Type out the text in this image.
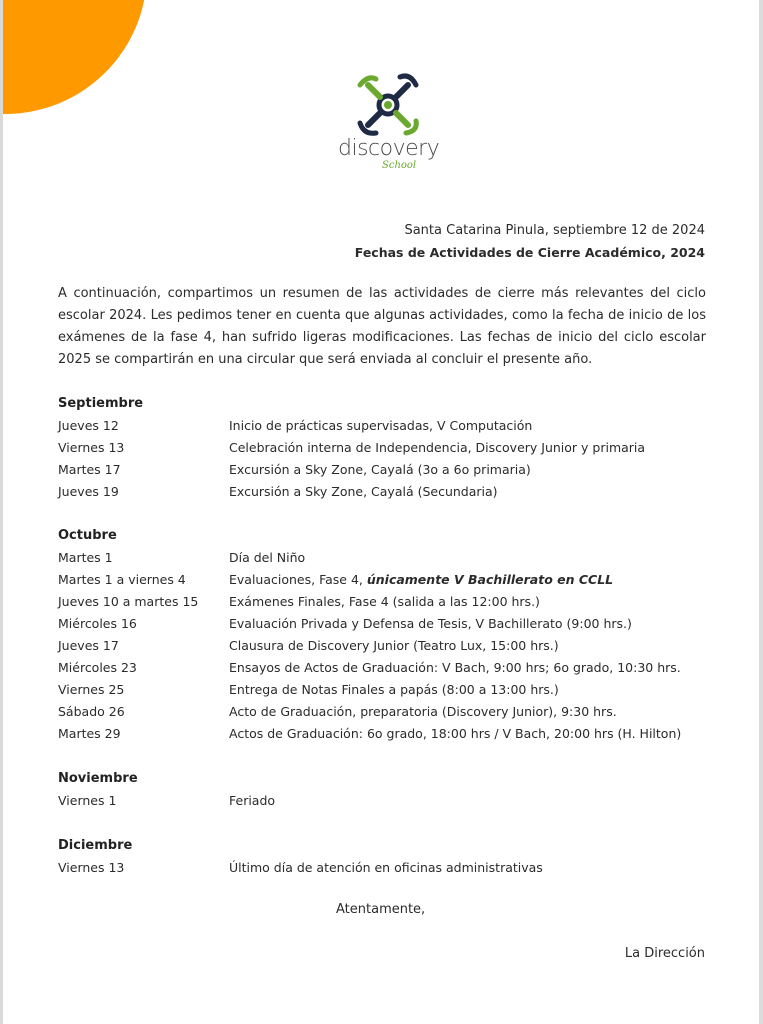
discovery
School
Santa Catarina Pinula, septiembre 12 de 2024
Fechas de Actividades de Cierre Académico, 2024
A continuación, compartimos un resumen de las actividades de cierre más relevantes del ciclo escolar 2024. Les pedimos tener en cuenta que algunas actividades, como la fecha de inicio de los exámenes de la fase 4, han sufrido ligeras modificaciones. Las fechas de inicio del ciclo escolar 2025 se compartirán en una circular que será enviada al concluir el presente año.
Septiembre
Jueves 12	Inicio de prácticas supervisadas, V Computación
Viernes 13	Celebración interna de Independencia, Discovery Junior y primaria
Martes 17	Excursión a Sky Zone, Cayalá (3o a 6o primaria)
Jueves 19	Excursión a Sky Zone, Cayalá (Secundaria)
Octubre
Martes 1	Día del Niño
Martes 1 a viernes 4	Evaluaciones, Fase 4, únicamente V Bachillerato en CCLL
Jueves 10 a martes 15	Exámenes Finales, Fase 4 (salida a las 12:00 hrs.)
Miércoles 16	Evaluación Privada y Defensa de Tesis, V Bachillerato (9:00 hrs.)
Jueves 17	Clausura de Discovery Junior (Teatro Lux, 15:00 hrs.)
Miércoles 23	Ensayos de Actos de Graduación: V Bach, 9:00 hrs; 6o grado, 10:30 hrs.
Viernes 25	Entrega de Notas Finales a papás (8:00 a 13:00 hrs.)
Sábado 26	Acto de Graduación, preparatoria (Discovery Junior), 9:30 hrs.
Martes 29	Actos de Graduación: 6o grado, 18:00 hrs / V Bach, 20:00 hrs (H. Hilton)
Noviembre
Viernes 1	Feriado
Diciembre
Viernes 13	Último día de atención en oficinas administrativas
Atentamente,
La Dirección
